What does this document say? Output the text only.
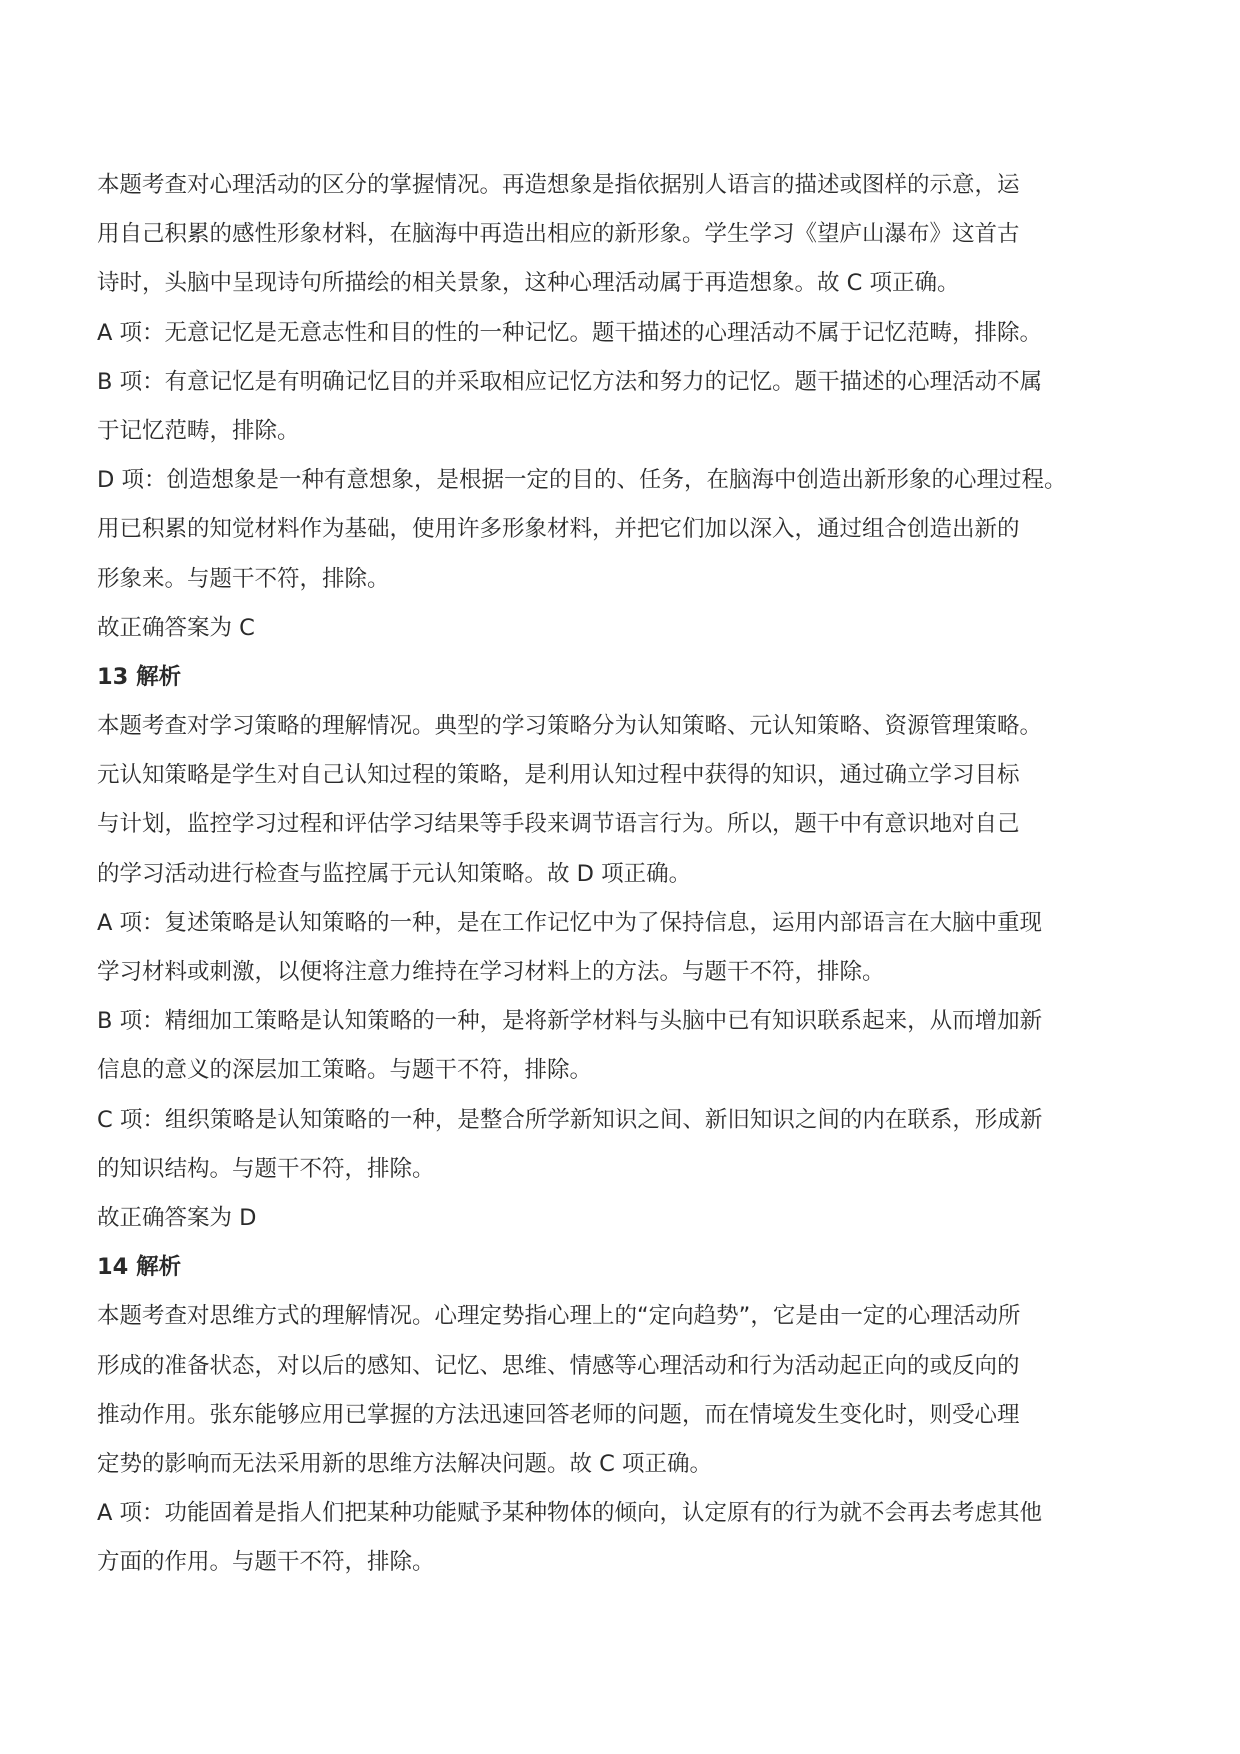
本题考查对心理活动的区分的掌握情况。再造想象是指依据别人语言的描述或图样的示意，运
用自己积累的感性形象材料，在脑海中再造出相应的新形象。学生学习《望庐山瀑布》这首古
诗时，头脑中呈现诗句所描绘的相关景象，这种心理活动属于再造想象。故 C 项正确。
A 项：无意记忆是无意志性和目的性的一种记忆。题干描述的心理活动不属于记忆范畴，排除。
B 项：有意记忆是有明确记忆目的并采取相应记忆方法和努力的记忆。题干描述的心理活动不属
于记忆范畴，排除。
D 项：创造想象是一种有意想象，是根据一定的目的、任务，在脑海中创造出新形象的心理过程。
用已积累的知觉材料作为基础，使用许多形象材料，并把它们加以深入，通过组合创造出新的
形象来。与题干不符，排除。
故正确答案为 C
13 解析
本题考查对学习策略的理解情况。典型的学习策略分为认知策略、元认知策略、资源管理策略。
元认知策略是学生对自己认知过程的策略，是利用认知过程中获得的知识，通过确立学习目标
与计划，监控学习过程和评估学习结果等手段来调节语言行为。所以，题干中有意识地对自己
的学习活动进行检查与监控属于元认知策略。故 D 项正确。
A 项：复述策略是认知策略的一种，是在工作记忆中为了保持信息，运用内部语言在大脑中重现
学习材料或刺激，以便将注意力维持在学习材料上的方法。与题干不符，排除。
B 项：精细加工策略是认知策略的一种，是将新学材料与头脑中已有知识联系起来，从而增加新
信息的意义的深层加工策略。与题干不符，排除。
C 项：组织策略是认知策略的一种，是整合所学新知识之间、新旧知识之间的内在联系，形成新
的知识结构。与题干不符，排除。
故正确答案为 D
14 解析
本题考查对思维方式的理解情况。心理定势指心理上的“定向趋势”，它是由一定的心理活动所
形成的准备状态，对以后的感知、记忆、思维、情感等心理活动和行为活动起正向的或反向的
推动作用。张东能够应用已掌握的方法迅速回答老师的问题，而在情境发生变化时，则受心理
定势的影响而无法采用新的思维方法解决问题。故 C 项正确。
A 项：功能固着是指人们把某种功能赋予某种物体的倾向，认定原有的行为就不会再去考虑其他
方面的作用。与题干不符，排除。
